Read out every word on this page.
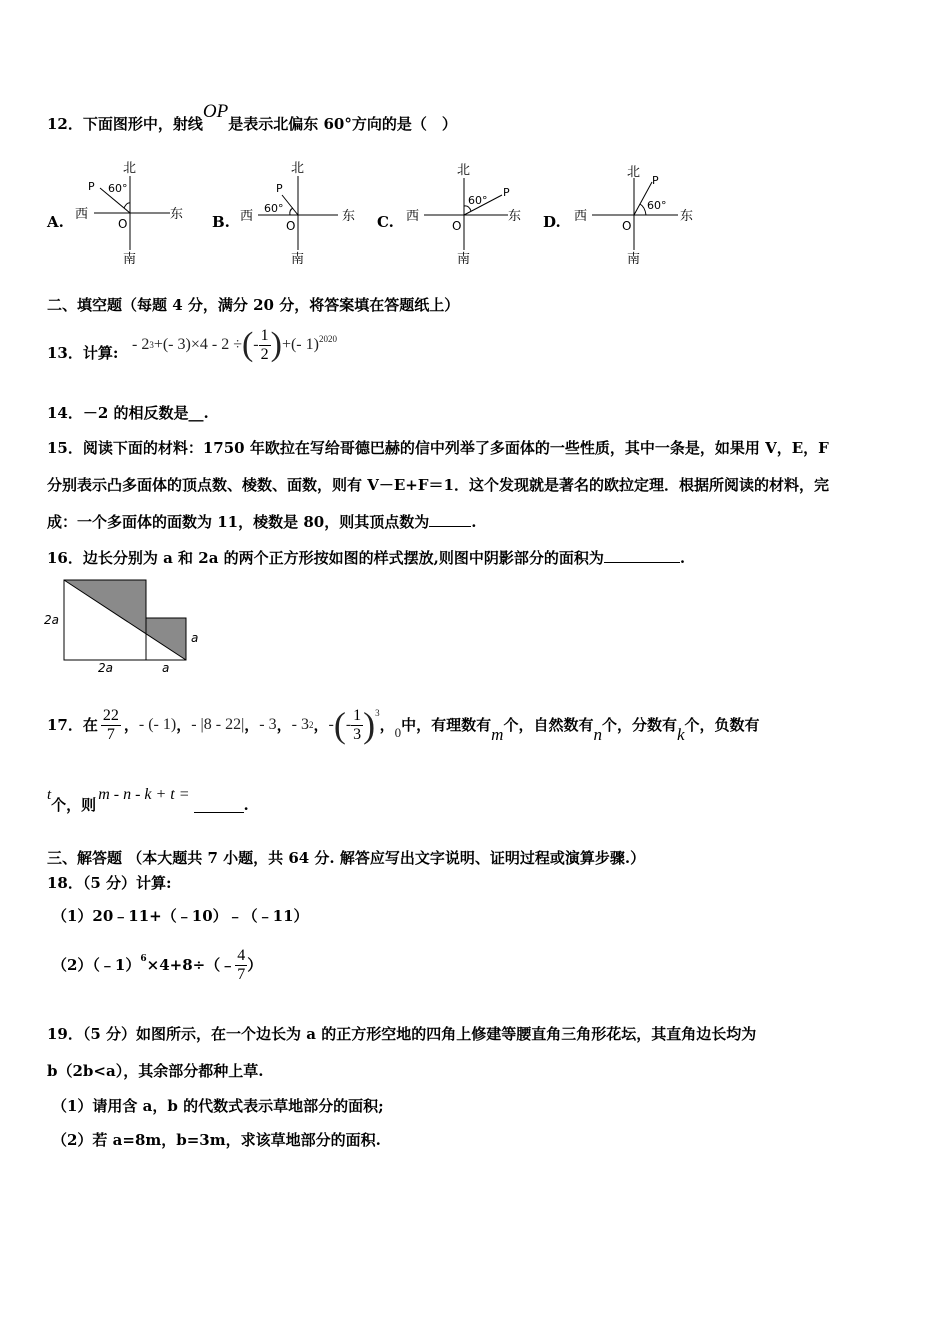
12．下面图形中，射线OP是表示北偏东 60°方向的是（　）
A.
北
南
东
西
O
P 60°
B.
北
南
东
西
O
P
60°
C.
北
南
东
西
O
P
60°
D.
北
南
东
西
O
P
60°
二、填空题（每题 4 分，满分 20 分，将答案填在答题纸上）
13．计算: - 2 3 +(- 3)×4 - 2 ÷ ( - $\frac{1}{2}$ ) +(- 1) 2020
14．－2 的相反数是__.
15．阅读下面的材料：1750 年欧拉在写给哥德巴赫的信中列举了多面体的一些性质，其中一条是，如果用 V，E，F
分别表示凸多面体的顶点数、棱数、面数，则有 V－E+F＝1．这个发现就是著名的欧拉定理．根据所阅读的材料，完
成：一个多面体的面数为 11，棱数是 80，则其顶点数为	.
16．边长分别为 a 和 2a 的两个正方形按如图的样式摆放,则图中阴影部分的面积为	.
2a
2a
a
a
17．在 $\frac{22}{7}$ ， - (- 1) ， - |8 - 22| ， - 3 ， - 3 2 ， - ( - $\frac{1}{3}$ ) 3
， 0 中，有理数有 m 个，自然数有 n 个，分数有 k 个，负数有
t
个，则
m - n - k + t =
.
三、解答题 （本大题共 7 小题，共 64 分. 解答应写出文字说明、证明过程或演算步骤.）
18．（5 分）计算:
（1）20﹣11+（﹣10）﹣（﹣11）
（2）（﹣1） 6 ×4+8÷（﹣ $\frac{4}{7}$ ）
19．（5 分）如图所示，在一个边长为 a 的正方形空地的四角上修建等腰直角三角形花坛，其直角边长均为
b（2b<a），其余部分都种上草.
（1）请用含 a，b 的代数式表示草地部分的面积;
（2）若 a=8m，b=3m，求该草地部分的面积.
